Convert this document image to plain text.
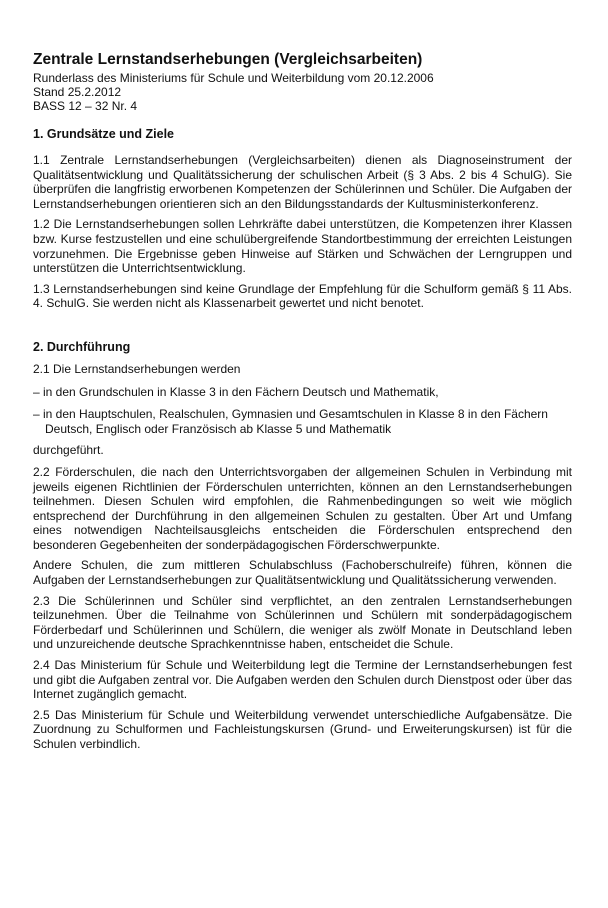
Zentrale Lernstandserhebungen (Vergleichsarbeiten)
Runderlass des Ministeriums für Schule und Weiterbildung vom 20.12.2006
Stand 25.2.2012
BASS 12 – 32 Nr. 4
1. Grundsätze und Ziele
1.1 Zentrale Lernstandserhebungen (Vergleichsarbeiten) dienen als Diagnoseinstrument der Qualitätsentwicklung und Qualitätssicherung der schulischen Arbeit (§ 3 Abs. 2 bis 4 SchulG). Sie überprüfen die langfristig erworbenen Kompetenzen der Schülerinnen und Schüler. Die Aufgaben der Lernstandserhebungen orientieren sich an den Bildungsstandards der Kultusministerkonferenz.
1.2 Die Lernstandserhebungen sollen Lehrkräfte dabei unterstützen, die Kompetenzen ihrer Klassen bzw. Kurse festzustellen und eine schulübergreifende Standortbestimmung der erreichten Leistungen vorzunehmen. Die Ergebnisse geben Hinweise auf Stärken und Schwächen der Lerngruppen und unterstützen die Unterrichtsentwicklung.
1.3 Lernstandserhebungen sind keine Grundlage der Empfehlung für die Schulform gemäß § 11 Abs. 4. SchulG. Sie werden nicht als Klassenarbeit gewertet und nicht benotet.
2. Durchführung
2.1 Die Lernstandserhebungen werden
– in den Grundschulen in Klasse 3 in den Fächern Deutsch und Mathematik,
– in den Hauptschulen, Realschulen, Gymnasien und Gesamtschulen in Klasse 8 in den Fächern Deutsch, Englisch oder Französisch ab Klasse 5 und Mathematik
durchgeführt.
2.2 Förderschulen, die nach den Unterrichtsvorgaben der allgemeinen Schulen in Verbindung mit jeweils eigenen Richtlinien der Förderschulen unterrichten, können an den Lernstandserhebungen teilnehmen. Diesen Schulen wird empfohlen, die Rahmenbedingungen so weit wie möglich entsprechend der Durchführung in den allgemeinen Schulen zu gestalten. Über Art und Umfang eines notwendigen Nachteilsausgleichs entscheiden die Förderschulen entsprechend den besonderen Gegebenheiten der sonderpädagogischen Förderschwerpunkte.
Andere Schulen, die zum mittleren Schulabschluss (Fachoberschulreife) führen, können die Aufgaben der Lernstandserhebungen zur Qualitätsentwicklung und Qualitätssicherung verwenden.
2.3 Die Schülerinnen und Schüler sind verpflichtet, an den zentralen Lernstandserhebungen teilzunehmen. Über die Teilnahme von Schülerinnen und Schülern mit sonderpädagogischem Förderbedarf und Schülerinnen und Schülern, die weniger als zwölf Monate in Deutschland leben und unzureichende deutsche Sprachkenntnisse haben, entscheidet die Schule.
2.4 Das Ministerium für Schule und Weiterbildung legt die Termine der Lernstandserhebungen fest und gibt die Aufgaben zentral vor. Die Aufgaben werden den Schulen durch Dienstpost oder über das Internet zugänglich gemacht.
2.5 Das Ministerium für Schule und Weiterbildung verwendet unterschiedliche Aufgabensätze. Die Zuordnung zu Schulformen und Fachleistungskursen (Grund- und Erweiterungskursen) ist für die Schulen verbindlich.
